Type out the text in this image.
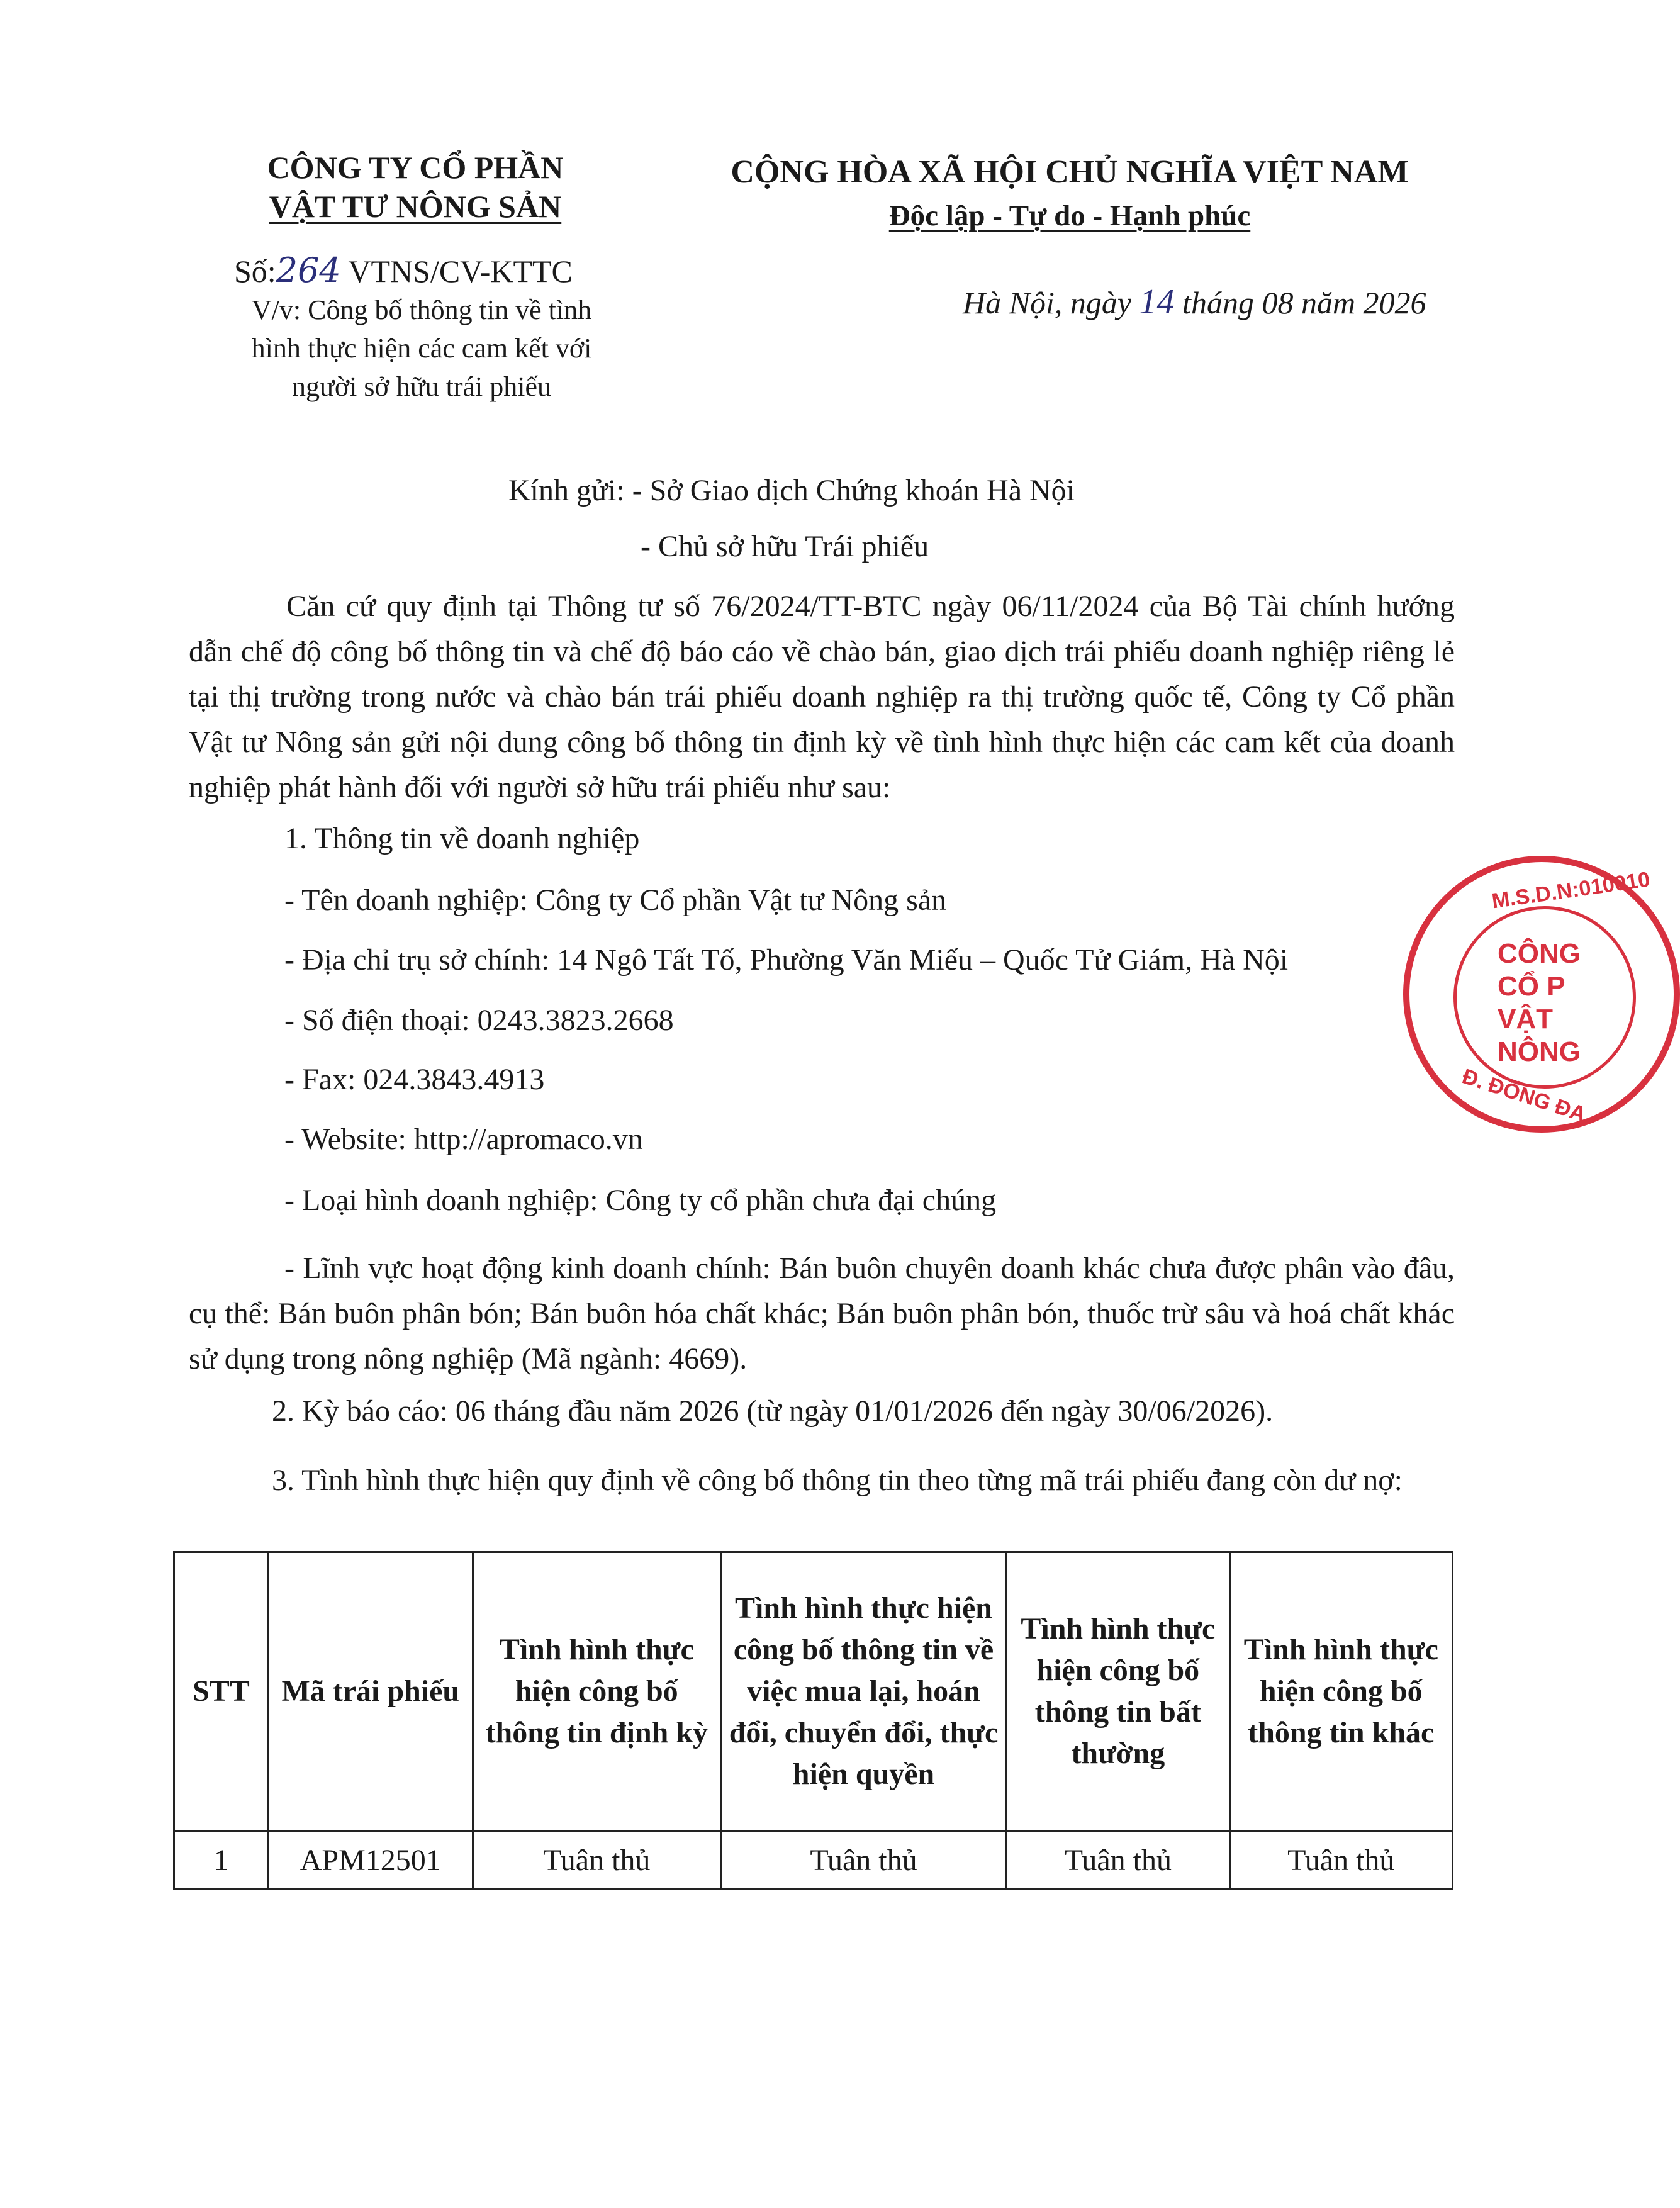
CÔNG TY CỔ PHẦN
VẬT TƯ NÔNG SẢN
Số:264 VTNS/CV-KTTC
V/v: Công bố thông tin về tình
hình thực hiện các cam kết với
người sở hữu trái phiếu
CỘNG HÒA XÃ HỘI CHỦ NGHĨA VIỆT NAM
Độc lập - Tự do - Hạnh phúc
Hà Nội, ngày 14 tháng 08 năm 2026
Kính gửi: - Sở Giao dịch Chứng khoán Hà Nội
- Chủ sở hữu Trái phiếu
Căn cứ quy định tại Thông tư số 76/2024/TT-BTC ngày 06/11/2024 của Bộ Tài chính hướng dẫn chế độ công bố thông tin và chế độ báo cáo về chào bán, giao dịch trái phiếu doanh nghiệp riêng lẻ tại thị trường trong nước và chào bán trái phiếu doanh nghiệp ra thị trường quốc tế, Công ty Cổ phần Vật tư Nông sản gửi nội dung công bố thông tin định kỳ về tình hình thực hiện các cam kết của doanh nghiệp phát hành đối với người sở hữu trái phiếu như sau:
1. Thông tin về doanh nghiệp
- Tên doanh nghiệp: Công ty Cổ phần Vật tư Nông sản
- Địa chỉ trụ sở chính: 14 Ngô Tất Tố, Phường Văn Miếu – Quốc Tử Giám, Hà Nội
- Số điện thoại: 0243.3823.2668
- Fax: 024.3843.4913
- Website: http://apromaco.vn
- Loại hình doanh nghiệp: Công ty cổ phần chưa đại chúng
- Lĩnh vực hoạt động kinh doanh chính: Bán buôn chuyên doanh khác chưa được phân vào đâu, cụ thể: Bán buôn phân bón; Bán buôn hóa chất khác; Bán buôn phân bón, thuốc trừ sâu và hoá chất khác sử dụng trong nông nghiệp (Mã ngành: 4669).
2. Kỳ báo cáo: 06 tháng đầu năm 2026 (từ ngày 01/01/2026 đến ngày 30/06/2026).
3. Tình hình thực hiện quy định về công bố thông tin theo từng mã trái phiếu đang còn dư nợ:
STT	Mã trái phiếu	Tình hình thực hiện công bố thông tin định kỳ	Tình hình thực hiện công bố thông tin về việc mua lại, hoán đổi, chuyển đổi, thực hiện quyền	Tình hình thực hiện công bố thông tin bất thường	Tình hình thực hiện công bố thông tin khác
1	APM12501	Tuân thủ	Tuân thủ	Tuân thủ	Tuân thủ
M.S.D.N:010010
CÔNG
CỔ P
VẬT
NÔNG
Đ. ĐỐNG ĐA
